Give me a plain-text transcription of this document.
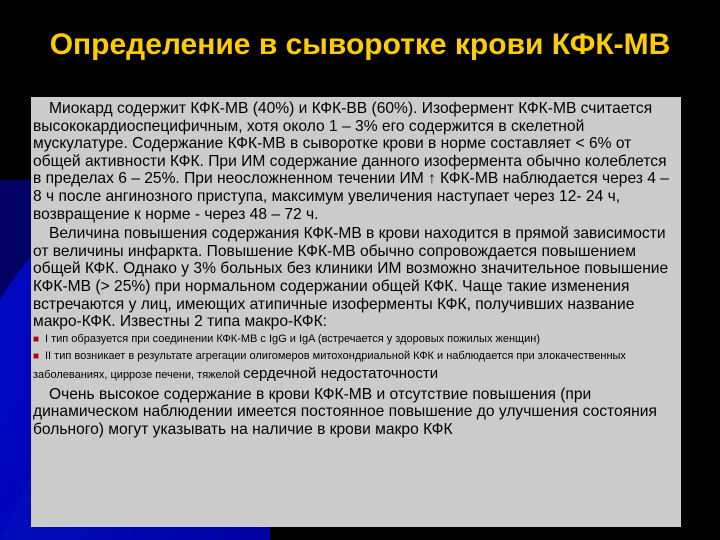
Определение в сыворотке крови КФК-МВ

Миокард содержит КФК-МВ (40%) и КФК-ВВ (60%). Изофермент КФК-МВ считается высококардиоспецифичным, хотя около 1 – 3% его содержится в скелетной мускулатуре. Содержание КФК-МВ в сыворотке крови в норме составляет < 6% от общей активности КФК. При ИМ содержание данного изофермента обычно колеблется в пределах 6 – 25%. При неосложненном течении ИМ ↑ КФК-МВ наблюдается через 4 – 8 ч после ангинозного приступа, максимум увеличения наступает через 12- 24 ч, возвращение к норме - через 48 – 72 ч.

Величина повышения содержания КФК-МВ в крови находится в прямой зависимости от величины инфаркта. Повышение КФК-МВ обычно сопровождается повышением общей КФК. Однако у 3% больных без клиники ИМ возможно значительное повышение КФК-МВ (> 25%) при нормальном содержании общей КФК. Чаще такие изменения встречаются у лиц, имеющих атипичные изоферменты КФК, получивших название макро-КФК. Известны 2 типа макро-КФК:

■ I тип образуется при соединении КФК-МВ с IgG и IgA (встречается у здоровых пожилых женщин)

■ II тип возникает в результате агрегации олигомеров митохондриальной КФК и наблюдается при злокачественных заболеваниях, циррозе печени, тяжелой сердечной недостаточности

Очень высокое содержание в крови КФК-МВ и отсутствие повышения (при динамическом наблюдении имеется постоянное повышение до улучшения состояния больного) могут указывать на наличие в крови макро КФК
